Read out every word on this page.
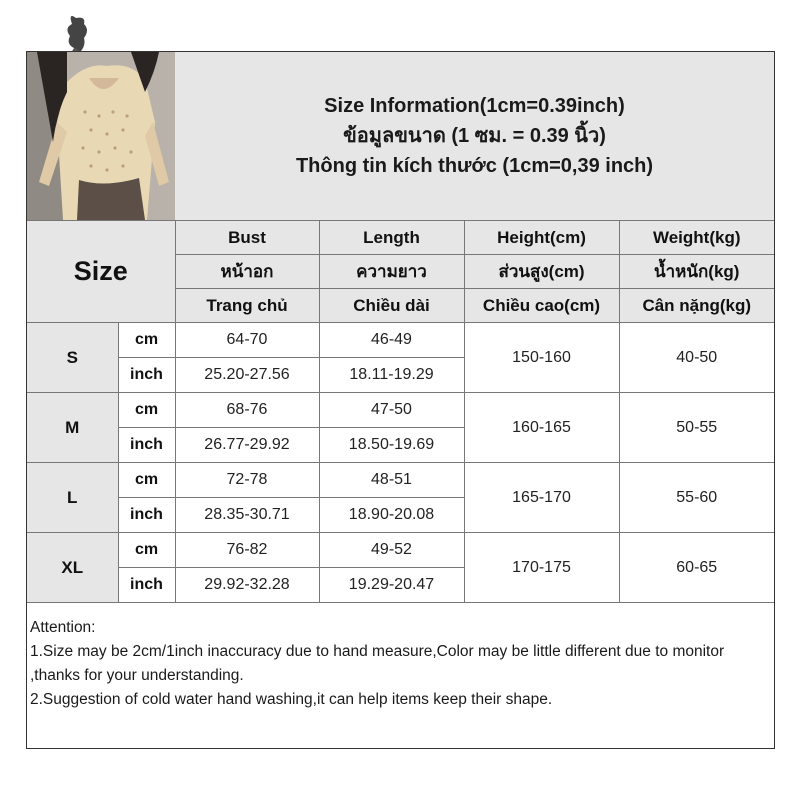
Size Information(1cm=0.39inch)
ข้อมูลขนาด (1 ซม. = 0.39 นิ้ว)
Thông tin kích thước (1cm=0,39 inch)
Size		Bust	Length	Height(cm)	Weight(kg)
		หน้าอก	ความยาว	ส่วนสูง(cm)	น้ำหนัก(kg)
		Trang chủ	Chiều dài	Chiều cao(cm)	Cân nặng(kg)
S	cm	64-70	46-49	150-160	40-50
	inch	25.20-27.56	18.11-19.29		
M	cm	68-76	47-50	160-165	50-55
	inch	26.77-29.92	18.50-19.69		
L	cm	72-78	48-51	165-170	55-60
	inch	28.35-30.71	18.90-20.08		
XL	cm	76-82	49-52	170-175	60-65
	inch	29.92-32.28	19.29-20.47		
Attention:
1.Size may be 2cm/1inch inaccuracy due to hand measure,Color may be little different due to monitor ,thanks for your understanding.
2.Suggestion of cold water hand washing,it can help items keep their shape.
